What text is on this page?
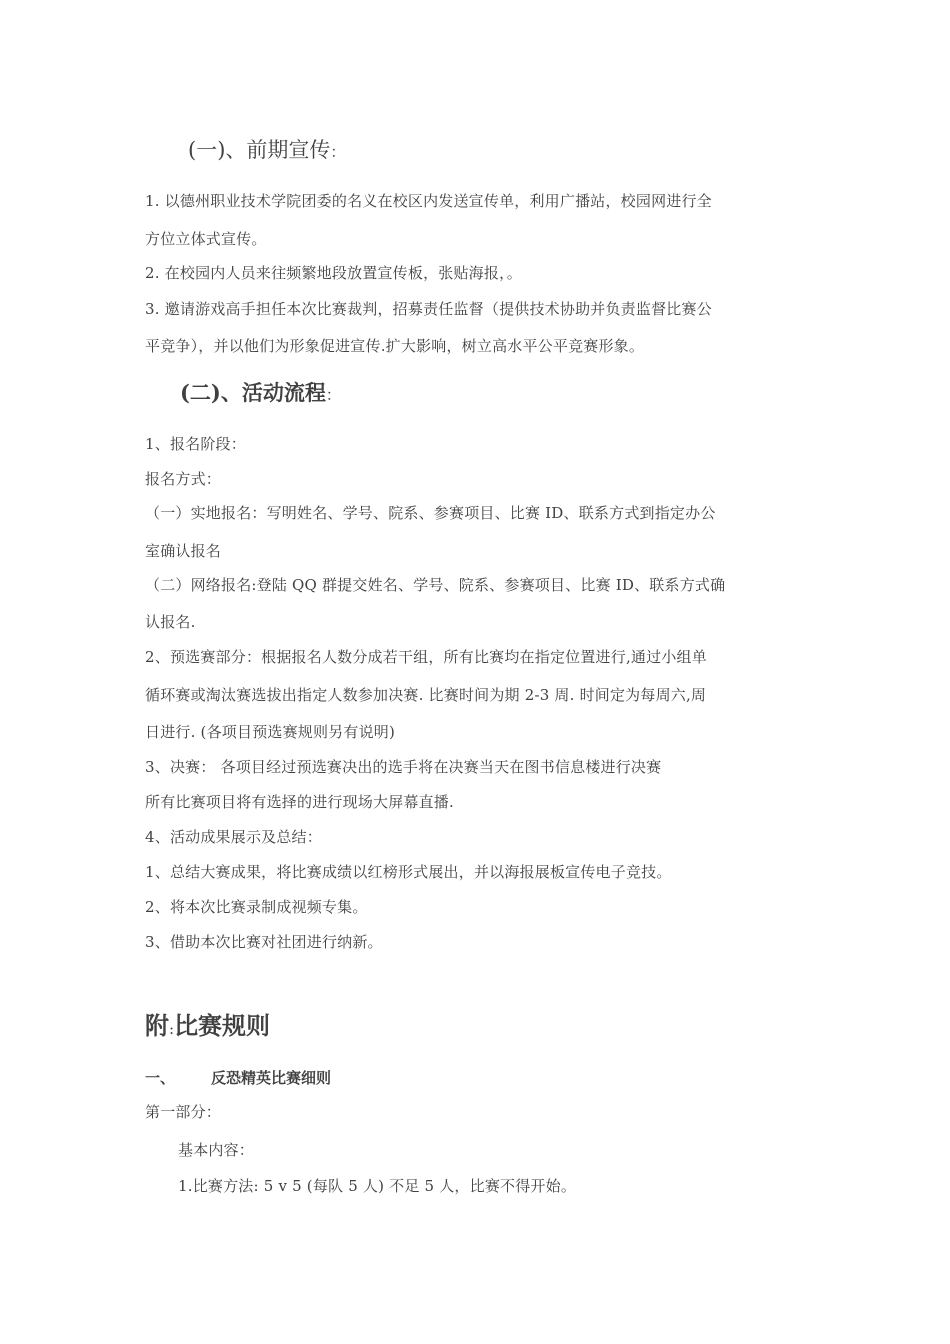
(一)、前期宣传：
1. 以德州职业技术学院团委的名义在校区内发送宣传单，利用广播站，校园网进行全
方位立体式宣传。
2. 在校园内人员来往频繁地段放置宣传板，张贴海报，。
3. 邀请游戏高手担任本次比赛裁判，招募责任监督（提供技术协助并负责监督比赛公
平竞争），并以他们为形象促进宣传.扩大影响，树立高水平公平竞赛形象。
(二)、活动流程：
1、报名阶段：
报名方式：
（一）实地报名：写明姓名、学号、院系、参赛项目、比赛 ID、联系方式到指定办公
室确认报名
（二）网络报名:登陆 QQ 群提交姓名、学号、院系、参赛项目、比赛 ID、联系方式确
认报名.
2、预选赛部分：根据报名人数分成若干组，所有比赛均在指定位置进行,通过小组单
循环赛或淘汰赛选拔出指定人数参加决赛. 比赛时间为期 2-3 周. 时间定为每周六,周
日进行. (各项目预选赛规则另有说明)
3、决赛： 各项目经过预选赛决出的选手将在决赛当天在图书信息楼进行决赛
所有比赛项目将有选择的进行现场大屏幕直播.
4、活动成果展示及总结：
1、总结大赛成果，将比赛成绩以红榜形式展出，并以海报展板宣传电子竞技。
2、将本次比赛录制成视频专集。
3、借助本次比赛对社团进行纳新。
附:比赛规则
一、 反恐精英比赛细则
第一部分：
基本内容：
1.比赛方法: 5 v 5 (每队 5 人) 不足 5 人，比赛不得开始。
